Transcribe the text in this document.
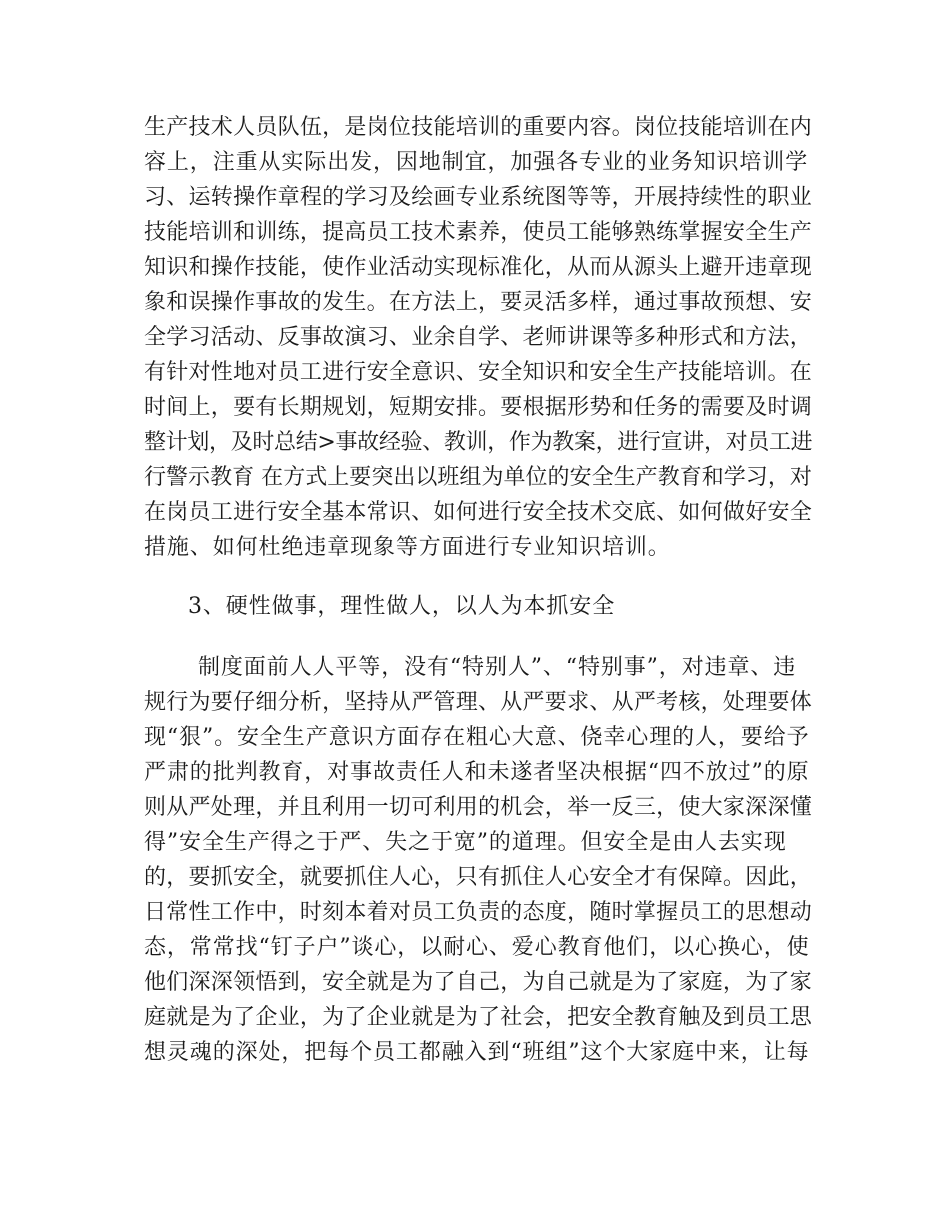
生产技术人员队伍，是岗位技能培训的重要内容。岗位技能培训在内
容上，注重从实际出发，因地制宜，加强各专业的业务知识培训学
习、运转操作章程的学习及绘画专业系统图等等，开展持续性的职业
技能培训和训练，提高员工技术素养，使员工能够熟练掌握安全生产
知识和操作技能，使作业活动实现标准化，从而从源头上避开违章现
象和误操作事故的发生。在方法上，要灵活多样，通过事故预想、安
全学习活动、反事故演习、业余自学、老师讲课等多种形式和方法，
有针对性地对员工进行安全意识、安全知识和安全生产技能培训。在
时间上，要有长期规划，短期安排。要根据形势和任务的需要及时调
整计划，及时总结>事故经验、教训，作为教案，进行宣讲，对员工进
行警示教育 在方式上要突出以班组为单位的安全生产教育和学习，对
在岗员工进行安全基本常识、如何进行安全技术交底、如何做好安全
措施、如何杜绝违章现象等方面进行专业知识培训。
3、硬性做事，理性做人，以人为本抓安全
制度面前人人平等，没有“特别人”、“特别事”，对违章、违
规行为要仔细分析，坚持从严管理、从严要求、从严考核，处理要体
现“狠”。安全生产意识方面存在粗心大意、侥幸心理的人，要给予
严肃的批判教育，对事故责任人和未遂者坚决根据“四不放过”的原
则从严处理，并且利用一切可利用的机会，举一反三，使大家深深懂
得”安全生产得之于严、失之于宽”的道理。但安全是由人去实现
的，要抓安全，就要抓住人心，只有抓住人心安全才有保障。因此，
日常性工作中，时刻本着对员工负责的态度，随时掌握员工的思想动
态，常常找“钉子户”谈心，以耐心、爱心教育他们，以心换心，使
他们深深领悟到，安全就是为了自己，为自己就是为了家庭，为了家
庭就是为了企业，为了企业就是为了社会，把安全教育触及到员工思
想灵魂的深处，把每个员工都融入到“班组”这个大家庭中来，让每
